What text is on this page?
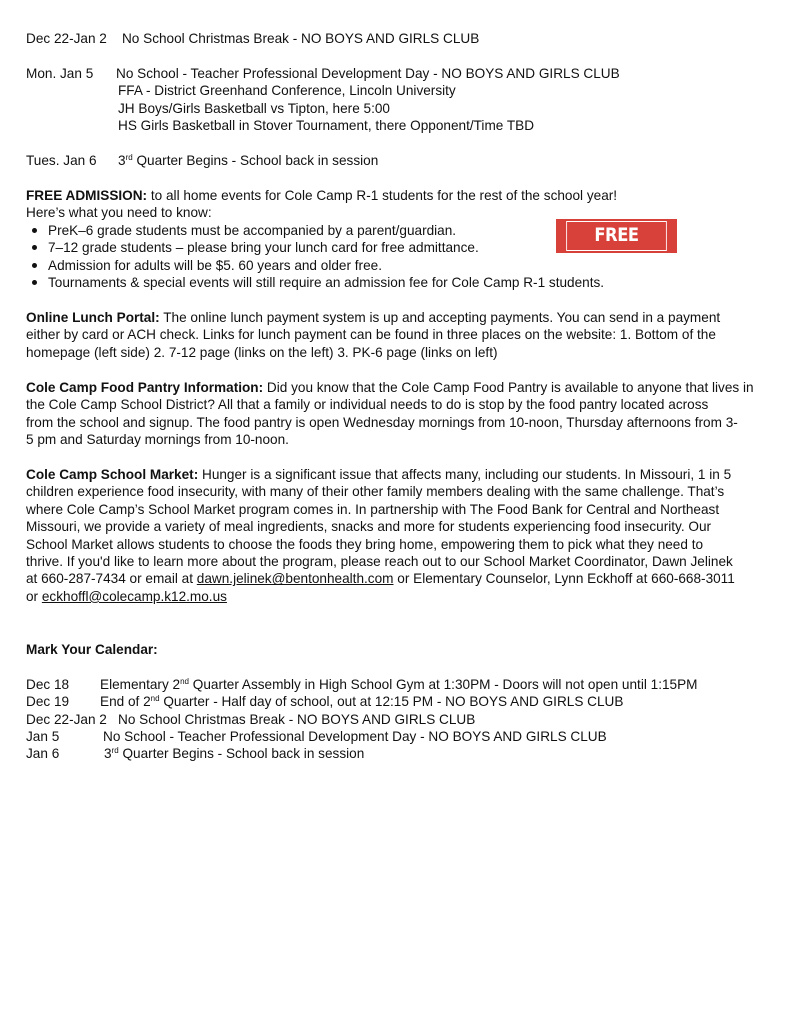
Dec 22-Jan 2 No School Christmas Break - NO BOYS AND GIRLS CLUB
Mon. Jan 5 No School - Teacher Professional Development Day - NO BOYS AND GIRLS CLUB
FFA - District Greenhand Conference, Lincoln University
JH Boys/Girls Basketball vs Tipton, here 5:00
HS Girls Basketball in Stover Tournament, there Opponent/Time TBD
Tues. Jan 6 3rd Quarter Begins - School back in session
FREE ADMISSION: to all home events for Cole Camp R-1 students for the rest of the school year!
Here’s what you need to know:
PreK–6 grade students must be accompanied by a parent/guardian.
7–12 grade students – please bring your lunch card for free admittance.
Admission for adults will be $5. 60 years and older free.
Tournaments & special events will still require an admission fee for Cole Camp R-1 students.
FREE ENTRY
Online Lunch Portal: The online lunch payment system is up and accepting payments. You can send in a payment
either by card or ACH check. Links for lunch payment can be found in three places on the website: 1. Bottom of the
homepage (left side) 2. 7-12 page (links on the left) 3. PK-6 page (links on left)
Cole Camp Food Pantry Information: Did you know that the Cole Camp Food Pantry is available to anyone that lives in
the Cole Camp School District? All that a family or individual needs to do is stop by the food pantry located across
from the school and signup. The food pantry is open Wednesday mornings from 10-noon, Thursday afternoons from 3-
5 pm and Saturday mornings from 10-noon.
Cole Camp School Market: Hunger is a significant issue that affects many, including our students. In Missouri, 1 in 5
children experience food insecurity, with many of their other family members dealing with the same challenge. That’s
where Cole Camp’s School Market program comes in. In partnership with The Food Bank for Central and Northeast
Missouri, we provide a variety of meal ingredients, snacks and more for students experiencing food insecurity. Our
School Market allows students to choose the foods they bring home, empowering them to pick what they need to
thrive. If you'd like to learn more about the program, please reach out to our School Market Coordinator, Dawn Jelinek
at 660-287-7434 or email at dawn.jelinek@bentonhealth.com or Elementary Counselor, Lynn Eckhoff at 660-668-3011
or eckhoffl@colecamp.k12.mo.us
Mark Your Calendar:
Dec 18 Elementary 2nd Quarter Assembly in High School Gym at 1:30PM - Doors will not open until 1:15PM
Dec 19 End of 2nd Quarter - Half day of school, out at 12:15 PM - NO BOYS AND GIRLS CLUB
Dec 22-Jan 2 No School Christmas Break - NO BOYS AND GIRLS CLUB
Jan 5	No School - Teacher Professional Development Day - NO BOYS AND GIRLS CLUB
Jan 6	3rd Quarter Begins - School back in session
